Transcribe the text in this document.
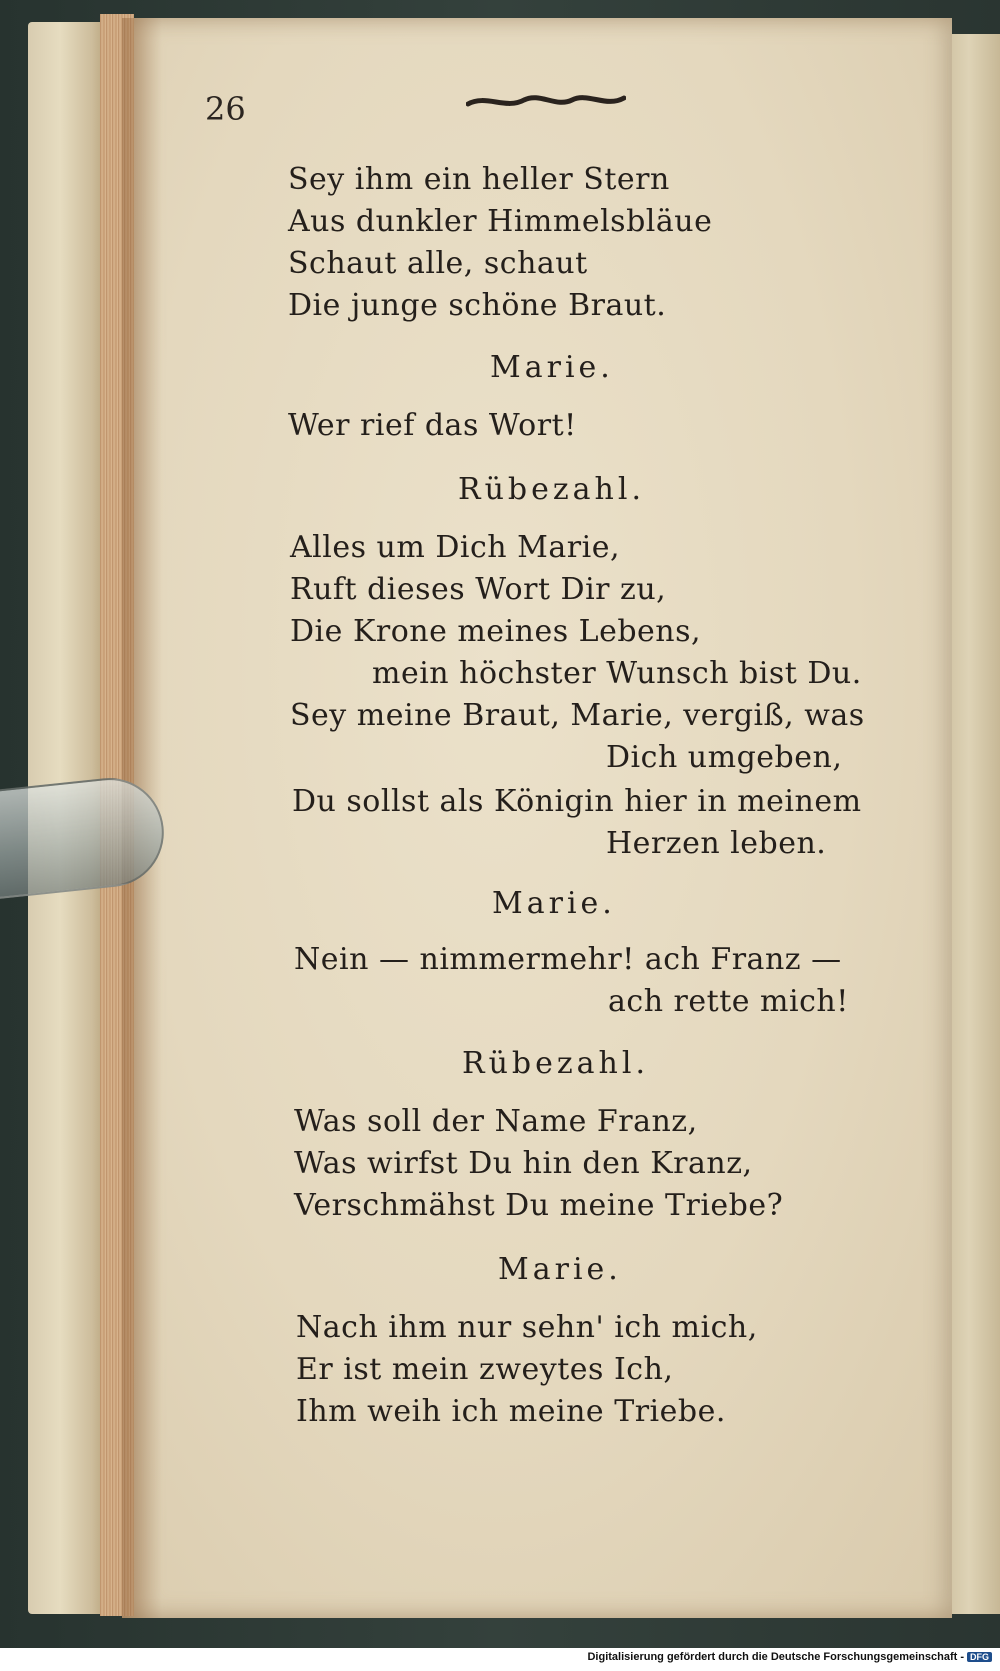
26
Sey ihm ein heller Stern
Aus dunkler Himmelsbläue
Schaut alle, schaut
Die junge schöne Braut.
Marie.
Wer rief das Wort!
Rübezahl.
Alles um Dich Marie,
Ruft dieses Wort Dir zu,
Die Krone meines Lebens,
mein höchster Wunsch bist Du.
Sey meine Braut, Marie, vergiß, was
Dich umgeben,
Du sollst als Königin hier in meinem
Herzen leben.
Marie.
Nein — nimmermehr! ach Franz —
ach rette mich!
Rübezahl.
Was soll der Name Franz,
Was wirfst Du hin den Kranz,
Verschmähst Du meine Triebe?
Marie.
Nach ihm nur sehn' ich mich,
Er ist mein zweytes Ich,
Ihm weih ich meine Triebe.
Digitalisierung gefördert durch die Deutsche Forschungsgemeinschaft - DFG
